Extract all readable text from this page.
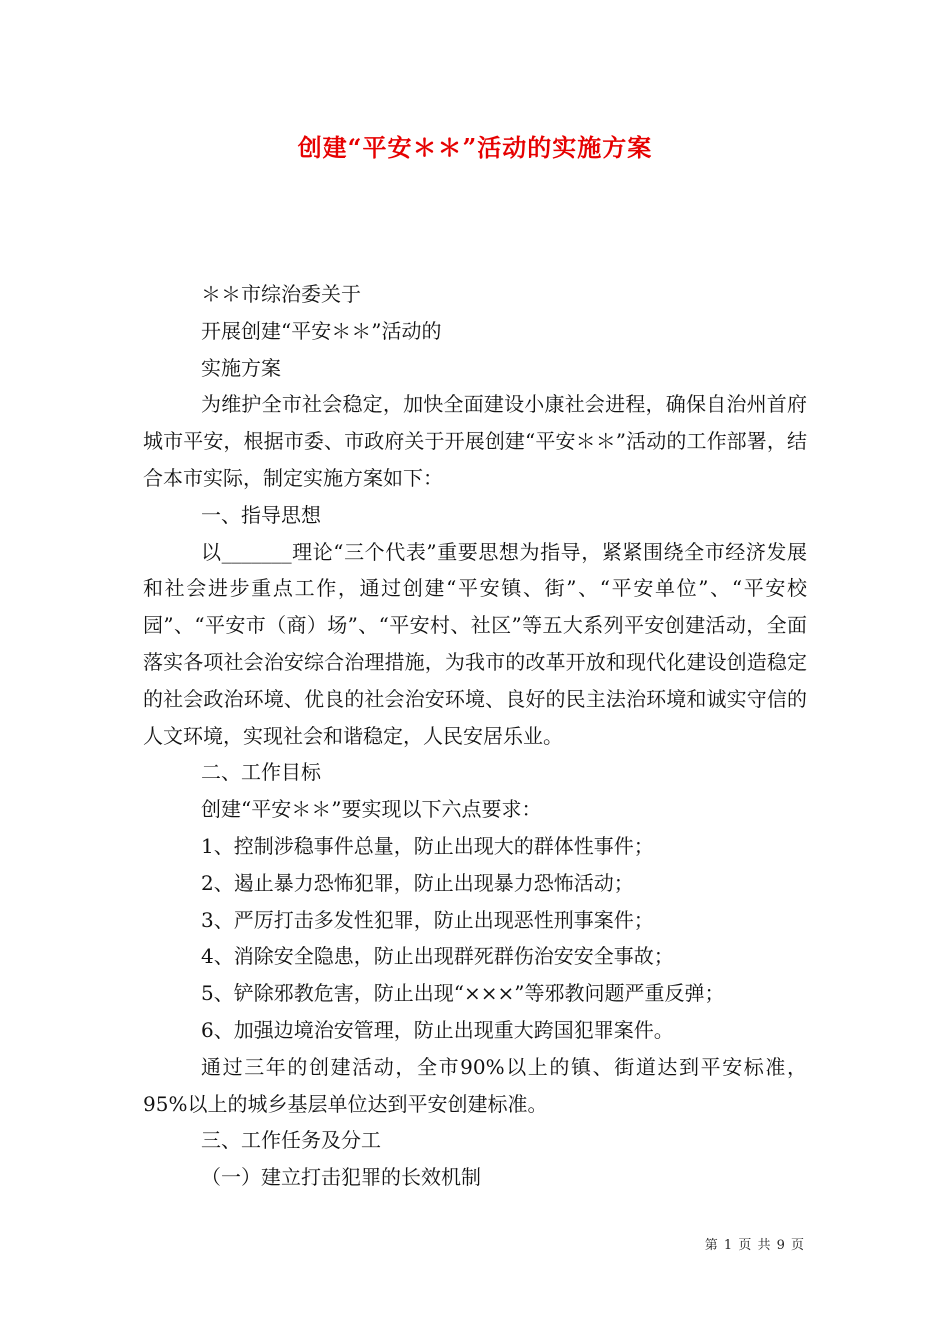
创建“平安＊＊”活动的实施方案

＊＊市综治委关于

开展创建“平安＊＊”活动的

实施方案

为维护全市社会稳定，加快全面建设小康社会进程，确保自治州首府城市平安，根据市委、市政府关于开展创建“平安＊＊”活动的工作部署，结合本市实际，制定实施方案如下：

一、指导思想

以_______理论“三个代表”重要思想为指导，紧紧围绕全市经济发展和社会进步重点工作，通过创建“平安镇、街”、“平安单位”、“平安校园”、“平安市（商）场”、“平安村、社区”等五大系列平安创建活动，全面落实各项社会治安综合治理措施，为我市的改革开放和现代化建设创造稳定的社会政治环境、优良的社会治安环境、良好的民主法治环境和诚实守信的人文环境，实现社会和谐稳定，人民安居乐业。

二、工作目标

创建“平安＊＊”要实现以下六点要求：

1、控制涉稳事件总量，防止出现大的群体性事件；

2、遏止暴力恐怖犯罪，防止出现暴力恐怖活动；

3、严厉打击多发性犯罪，防止出现恶性刑事案件；

4、消除安全隐患，防止出现群死群伤治安安全事故；

5、铲除邪教危害，防止出现“×××”等邪教问题严重反弹；

6、加强边境治安管理，防止出现重大跨国犯罪案件。

通过三年的创建活动，全市90%以上的镇、街道达到平安标准，95%以上的城乡基层单位达到平安创建标准。

三、工作任务及分工

（一）建立打击犯罪的长效机制

第 1 页 共 9 页
